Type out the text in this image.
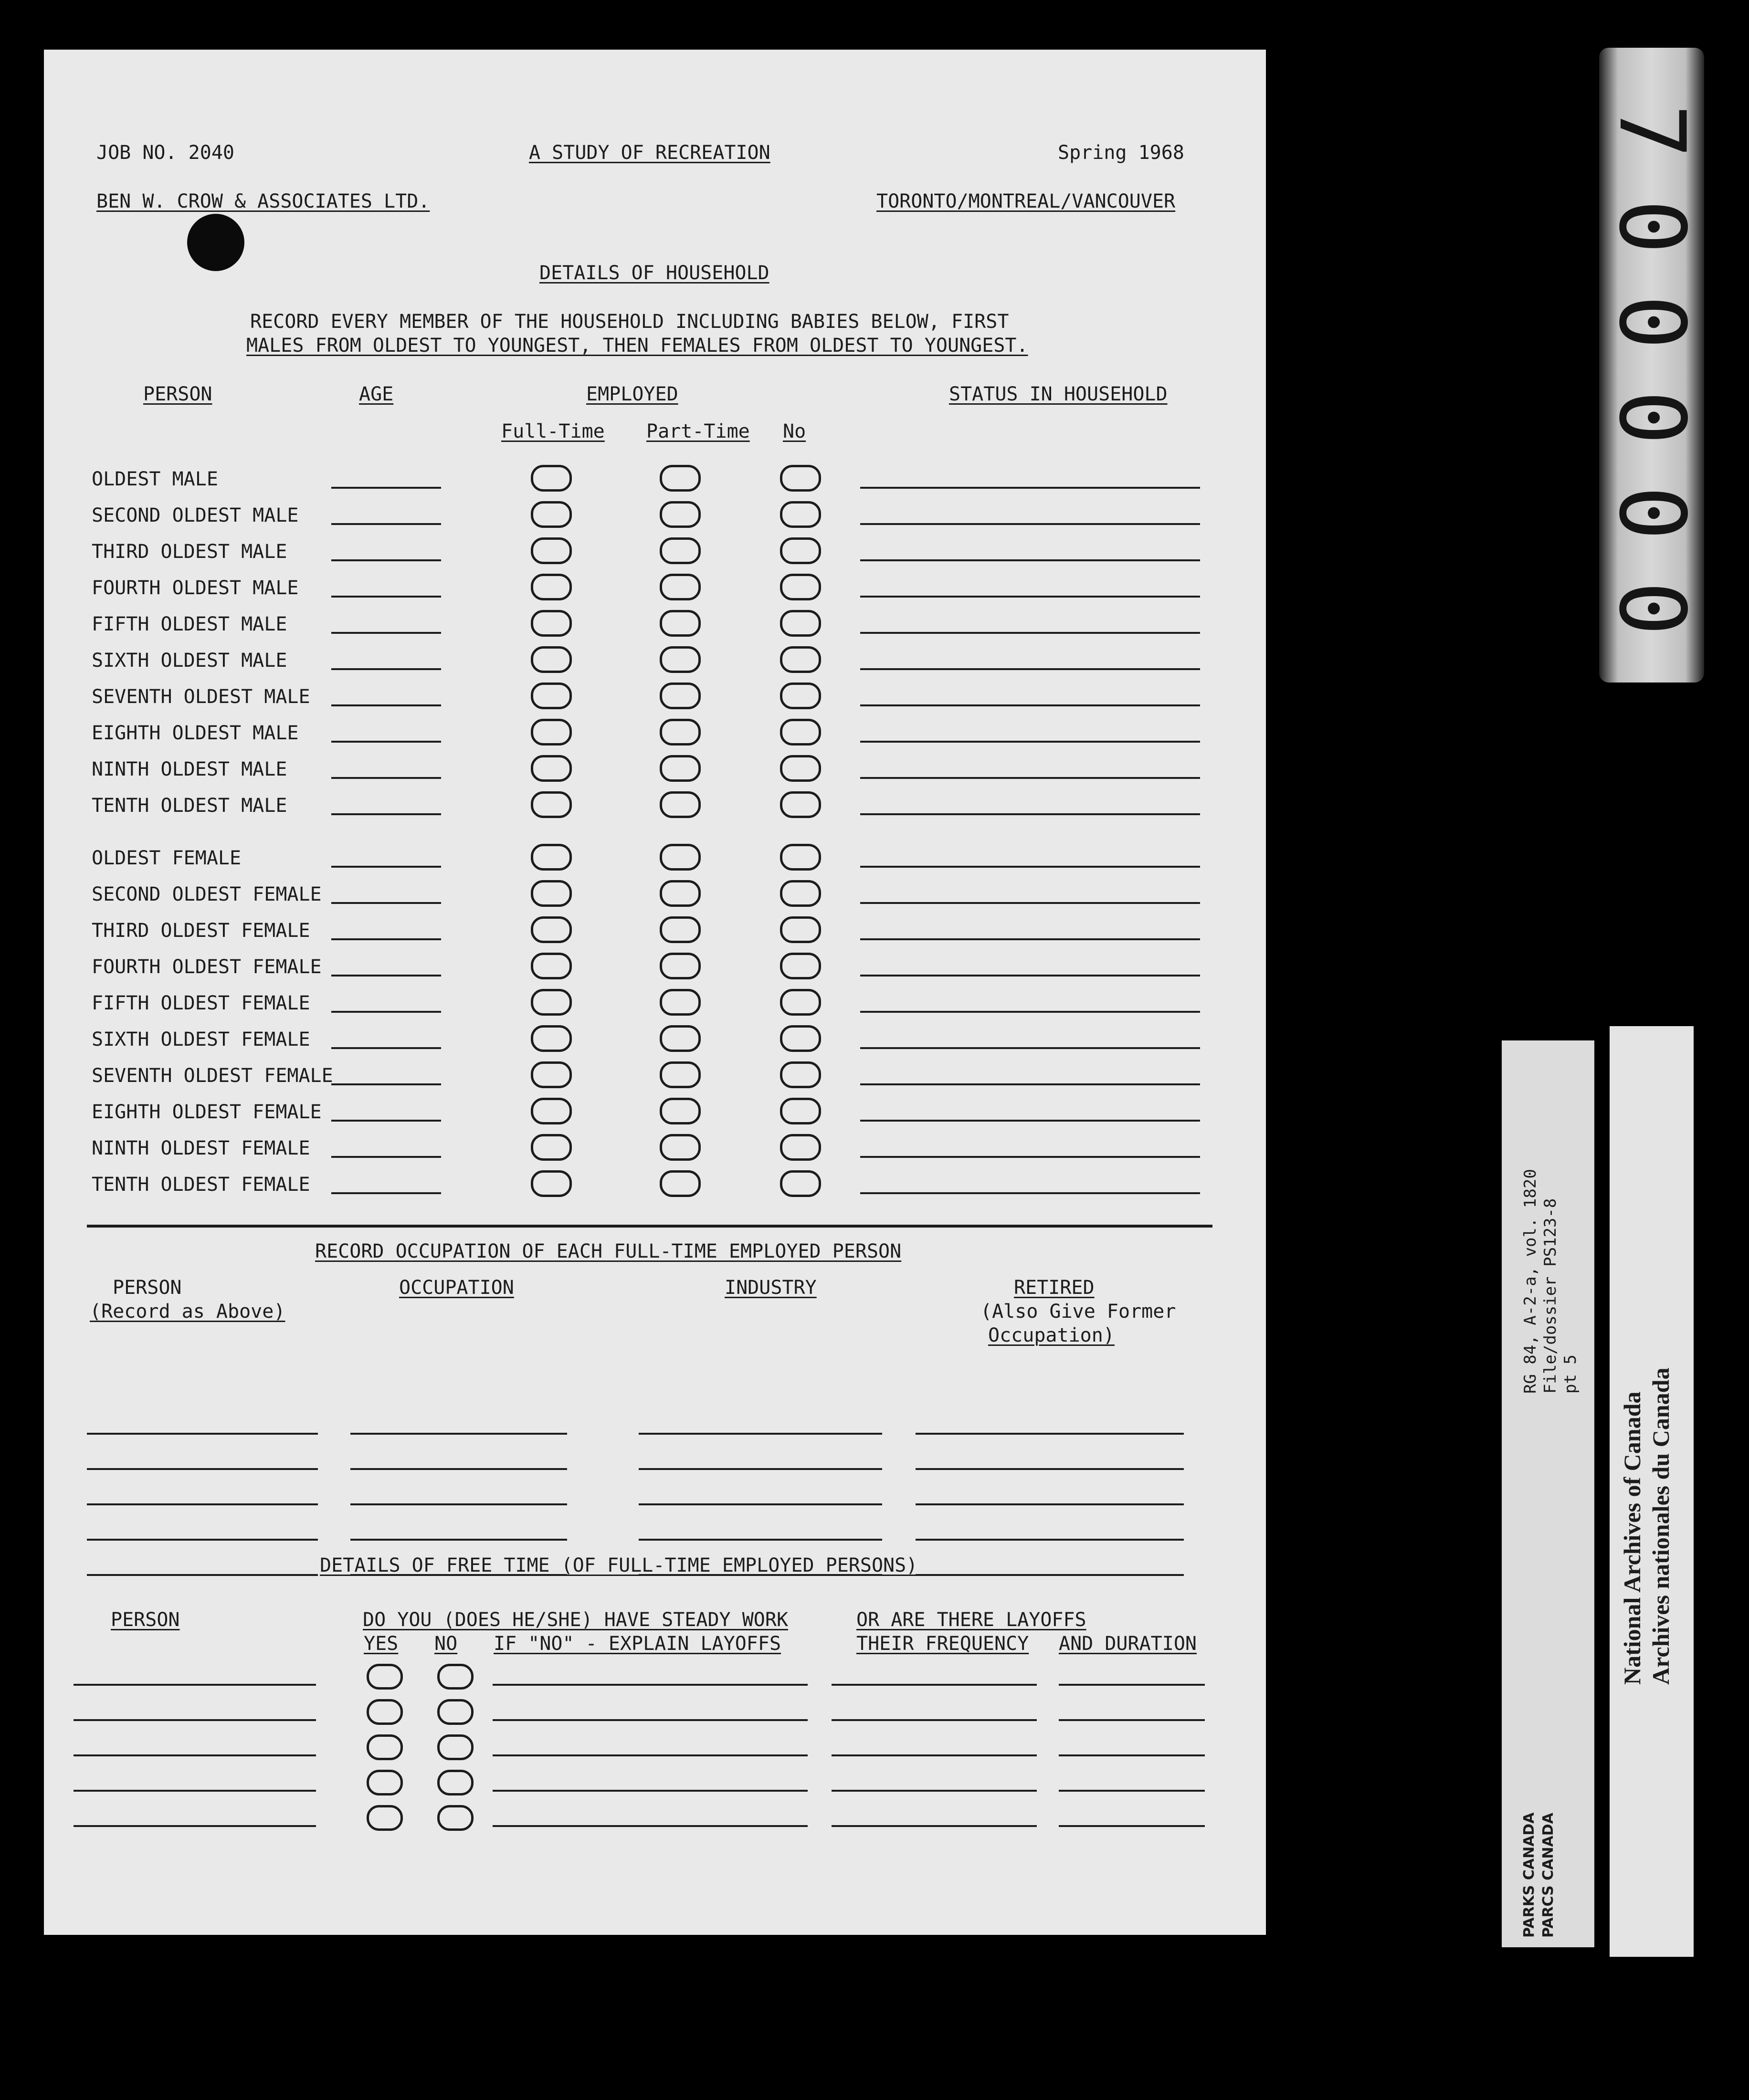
JOB NO. 2040	A STUDY OF RECREATION	Spring 1968
BEN W. CROW & ASSOCIATES LTD.	TORONTO/MONTREAL/VANCOUVER
DETAILS OF HOUSEHOLD
RECORD EVERY MEMBER OF THE HOUSEHOLD INCLUDING BABIES BELOW, FIRST
MALES FROM OLDEST TO YOUNGEST, THEN FEMALES FROM OLDEST TO YOUNGEST.
PERSON	AGE	EMPLOYED	STATUS IN HOUSEHOLD
Full-Time Part-Time	No
OLDEST MALE
SECOND OLDEST MALE
THIRD OLDEST MALE
FOURTH OLDEST MALE
FIFTH OLDEST MALE
SIXTH OLDEST MALE
SEVENTH OLDEST MALE
EIGHTH OLDEST MALE
NINTH OLDEST MALE
TENTH OLDEST MALE
OLDEST FEMALE
SECOND OLDEST FEMALE
THIRD OLDEST FEMALE
FOURTH OLDEST FEMALE
FIFTH OLDEST FEMALE
SIXTH OLDEST FEMALE
SEVENTH OLDEST FEMALE
EIGHTH OLDEST FEMALE
NINTH OLDEST FEMALE
TENTH OLDEST FEMALE
RECORD OCCUPATION OF EACH FULL-TIME EMPLOYED PERSON
PERSON
(Record as Above)
OCCUPATION	INDUSTRY	RETIRED
(Also Give Former
Occupation)
DETAILS OF FREE TIME (OF FULL-TIME EMPLOYED PERSONS)
PERSON	DO YOU (DOES HE/SHE) HAVE STEADY WORK	OR ARE THERE LAYOFFS
YES NO IF "NO" - EXPLAIN LAYOFFS	THEIR FREQUENCY AND DURATION
7
0
0
0
0
0
RG 84, A-2-a, vol. 1820 File/dossier PS123-8 pt 5
PARKS CANADA PARCS CANADA
National Archives of Canada Archives nationales du Canada
